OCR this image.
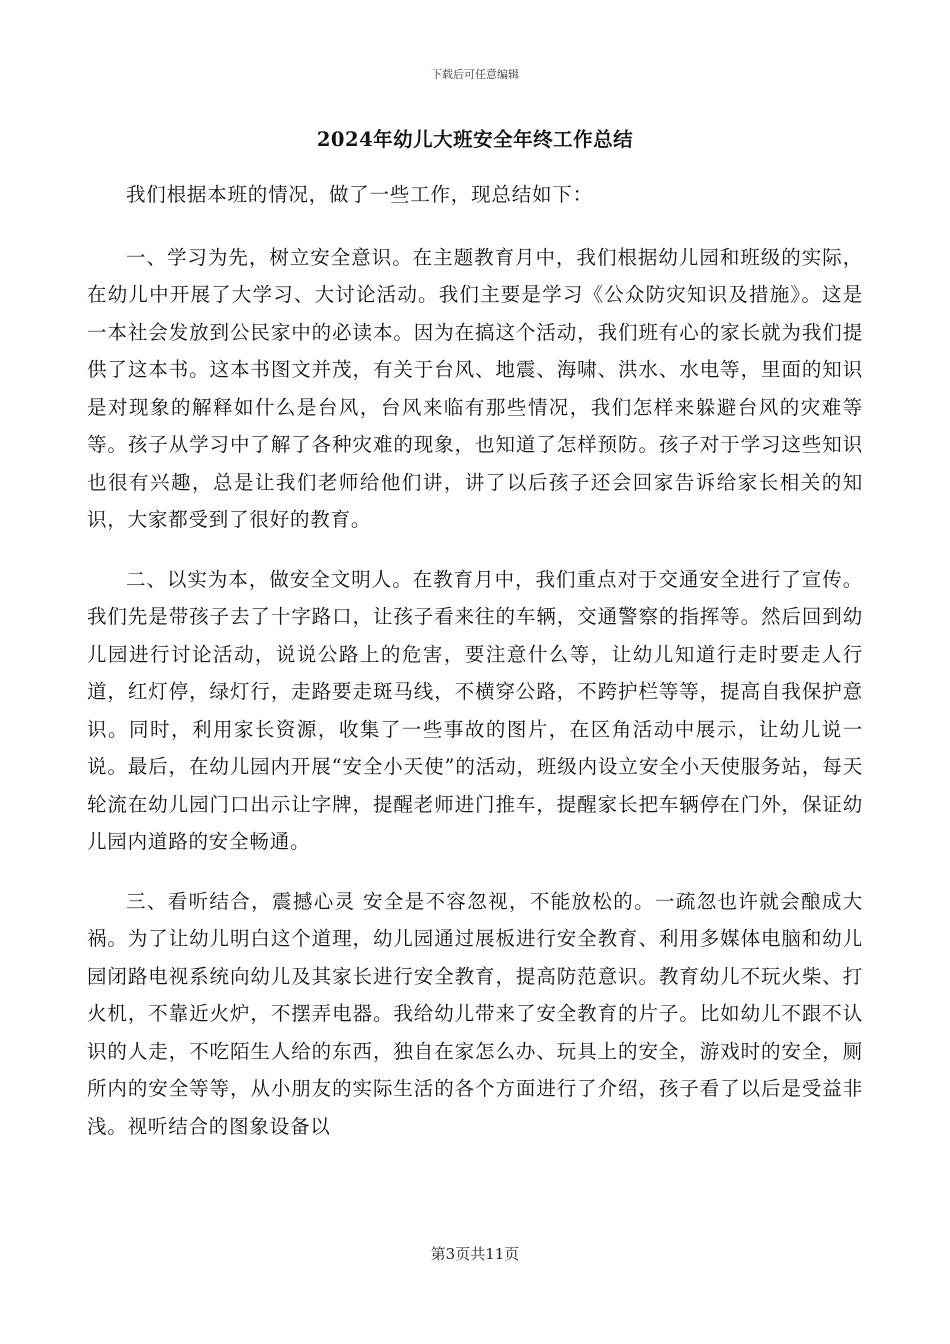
下载后可任意编辑
2024年幼儿大班安全年终工作总结

我们根据本班的情况，做了一些工作，现总结如下：

一、学习为先，树立安全意识。在主题教育月中，我们根据幼儿园和班级的实际，在幼儿中开展了大学习、大讨论活动。我们主要是学习《公众防灾知识及措施》。这是一本社会发放到公民家中的必读本。因为在搞这个活动，我们班有心的家长就为我们提供了这本书。这本书图文并茂，有关于台风、地震、海啸、洪水、水电等，里面的知识是对现象的解释如什么是台风，台风来临有那些情况，我们怎样来躲避台风的灾难等等。孩子从学习中了解了各种灾难的现象，也知道了怎样预防。孩子对于学习这些知识也很有兴趣，总是让我们老师给他们讲，讲了以后孩子还会回家告诉给家长相关的知识，大家都受到了很好的教育。

二、以实为本，做安全文明人。在教育月中，我们重点对于交通安全进行了宣传。我们先是带孩子去了十字路口，让孩子看来往的车辆，交通警察的指挥等。然后回到幼儿园进行讨论活动，说说公路上的危害，要注意什么等，让幼儿知道行走时要走人行道，红灯停，绿灯行，走路要走斑马线，不横穿公路，不跨护栏等等，提高自我保护意识。同时，利用家长资源，收集了一些事故的图片，在区角活动中展示，让幼儿说一说。最后，在幼儿园内开展“安全小天使”的活动，班级内设立安全小天使服务站，每天轮流在幼儿园门口出示让字牌，提醒老师进门推车，提醒家长把车辆停在门外，保证幼儿园内道路的安全畅通。

三、看听结合，震撼心灵 安全是不容忽视，不能放松的。一疏忽也许就会酿成大祸。为了让幼儿明白这个道理，幼儿园通过展板进行安全教育、利用多媒体电脑和幼儿园闭路电视系统向幼儿及其家长进行安全教育，提高防范意识。教育幼儿不玩火柴、打火机，不靠近火炉，不摆弄电器。我给幼儿带来了安全教育的片子。比如幼儿不跟不认识的人走，不吃陌生人给的东西，独自在家怎么办、玩具上的安全，游戏时的安全，厕所内的安全等等，从小朋友的实际生活的各个方面进行了介绍，孩子看了以后是受益非浅。视听结合的图象设备以

第3页共11页
